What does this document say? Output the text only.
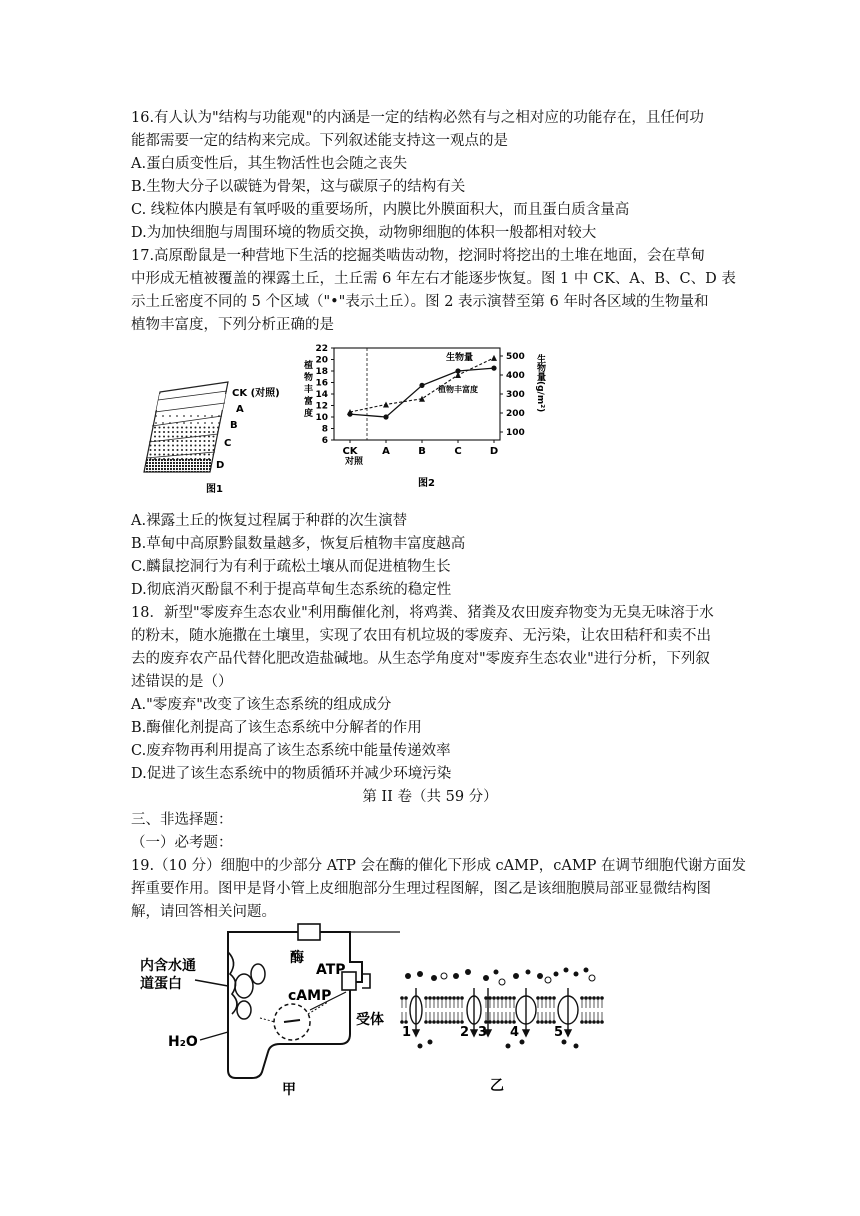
16.有人认为"结构与功能观"的内涵是一定的结构必然有与之相对应的功能存在，且任何功
能都需要一定的结构来完成。下列叙述能支持这一观点的是
A.蛋白质变性后，其生物活性也会随之丧失
B.生物大分子以碳链为骨架，这与碳原子的结构有关
C. 线粒体内膜是有氧呼吸的重要场所，内膜比外膜面积大，而且蛋白质含量高
D.为加快细胞与周围环境的物质交换，动物卵细胞的体积一般都相对较大
17.高原酚鼠是一种营地下生活的挖掘类啮齿动物，挖洞时将挖出的土堆在地面，会在草甸
中形成无植被覆盖的裸露土丘，土丘需 6 年左右才能逐步恢复。图 1 中 CK、A、B、C、D 表
示土丘密度不同的 5 个区域（"•"表示土丘）。图 2 表示演替至第 6 年时各区域的生物量和
植物丰富度，下列分析正确的是
CK (对照)
A
B
C
D
图1
植
物
丰
富
度
生物量(g/m²)
22
20
18
16
14
12
10
8
6
500
400
300
200
100
CK A	B	C	D
生物量
植物丰富度
对照
图2
A.裸露土丘的恢复过程属于种群的次生演替
B.草甸中高原黔鼠数量越多，恢复后植物丰富度越高
C.麟鼠挖洞行为有利于疏松土壤从而促进植物生长
D.彻底消灭酚鼠不利于提高草甸生态系统的稳定性
18．新型"零废弃生态农业"利用酶催化剂，将鸡粪、猪粪及农田废弃物变为无臭无味溶于水
的粉末，随水施撒在土壤里，实现了农田有机垃圾的零废弃、无污染，让农田秸秆和卖不出
去的废弃农产品代替化肥改造盐碱地。从生态学角度对"零废弃生态农业"进行分析，下列叙
述错误的是（）
A."零废弃"改变了该生态系统的组成成分
B.酶催化剂提高了该生态系统中分解者的作用
C.废弃物再利用提高了该生态系统中能量传递效率
D.促进了该生态系统中的物质循环并减少环境污染
第 II 卷（共 59 分）
三、非选择题：
（一）必考题：
19.（10 分）细胞中的少部分 ATP 会在酶的催化下形成 cAMP，cAMP 在调节细胞代谢方面发
挥重要作用。图甲是肾小管上皮细胞部分生理过程图解，图乙是该细胞膜局部亚显微结构图
解，请回答相关问题。
内含水通
道蛋白
H₂O
酶
ATP
cAMP
受体
甲
1	2 3 4	5
乙
